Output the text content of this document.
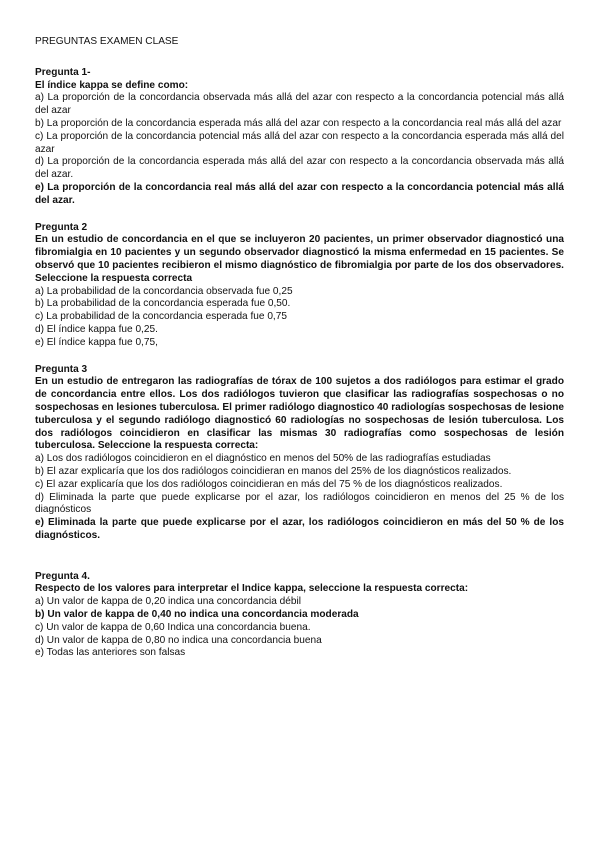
PREGUNTAS EXAMEN CLASE
Pregunta 1-
El índice kappa se define como:
a) La proporción de la concordancia observada más allá del azar con respecto a la concordancia potencial más allá del azar
b) La proporción de la concordancia esperada más allá del azar con respecto a la concordancia real más allá del azar
c) La proporción de la concordancia potencial más allá del azar con respecto a la concordancia esperada más allá del azar
d) La proporción de la concordancia esperada más allá del azar con respecto a la concordancia observada más allá del azar.
e) La proporción de la concordancia real más allá del azar con respecto a la concordancia potencial más allá del azar.
Pregunta 2
En un estudio de concordancia en el que se incluyeron 20 pacientes, un primer observador diagnosticó una fibromialgia en 10 pacientes y un segundo observador diagnosticó la misma enfermedad en 15 pacientes. Se observó que 10 pacientes recibieron el mismo diagnóstico de fibromialgia por parte de los dos observadores. Seleccione la respuesta correcta
a) La probabilidad de la concordancia observada fue 0,25
b) La probabilidad de la concordancia esperada fue 0,50.
c) La probabilidad de la concordancia esperada fue 0,75
d) El índice kappa fue 0,25.
e) El índice kappa fue 0,75,
Pregunta 3
En un estudio de entregaron las radiografías de tórax de 100 sujetos a dos radiólogos para estimar el grado de concordancia entre ellos. Los dos radiólogos tuvieron que clasificar las radiografías sospechosas o no sospechosas en lesiones tuberculosa. El primer radiólogo diagnostico 40 radiologías sospechosas de lesione tuberculosa y el segundo radiólogo diagnosticó 60 radiologías no sospechosas de lesión tuberculosa. Los dos radiólogos coincidieron en clasificar las mismas 30 radiografías como sospechosas de lesión tuberculosa. Seleccione la respuesta correcta:
a) Los dos radiólogos coincidieron en el diagnóstico en menos del 50% de las radiografías estudiadas
b) El azar explicaría que los dos radiólogos coincidieran en manos del 25% de los diagnósticos realizados.
c) El azar explicaría que los dos radiólogos coincidieran en más del 75 % de los diagnósticos realizados.
d) Eliminada la parte que puede explicarse por el azar, los radiólogos coincidieron en menos del 25 % de los diagnósticos
e) Eliminada la parte que puede explicarse por el azar, los radiólogos coincidieron en más del 50 % de los diagnósticos.
Pregunta 4.
Respecto de los valores para interpretar el Indice kappa, seleccione la respuesta correcta:
a) Un valor de kappa de 0,20 indica una concordancia débil
b) Un valor de kappa de 0,40 no indica una concordancia moderada
c) Un valor de kappa de 0,60 Indica una concordancia buena.
d) Un valor de kappa de 0,80 no indica una concordancia buena
e) Todas las anteriores son falsas
